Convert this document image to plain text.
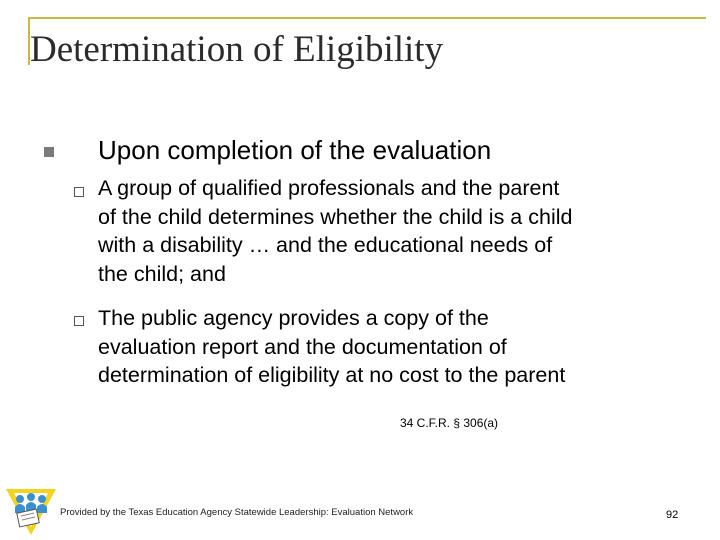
Determination of Eligibility
Upon completion of the evaluation
A group of qualified professionals and the parent
of the child determines whether the child is a child
with a disability … and the educational needs of
the child; and
The public agency provides a copy of the
evaluation report and the documentation of
determination of eligibility at no cost to the parent
34 C.F.R. § 306(a)
Provided by the Texas Education Agency Statewide Leadership: Evaluation Network	92
